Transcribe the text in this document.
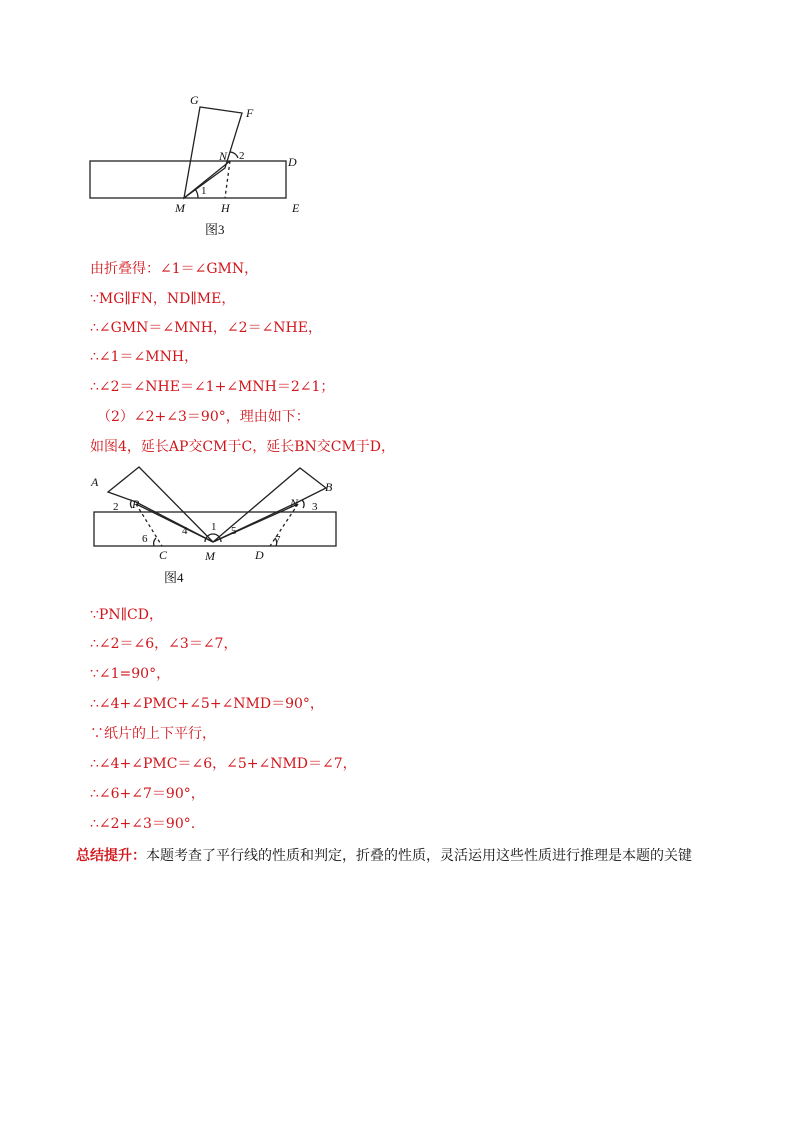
G
F
N	D
M	H	E
2
1
图3
A
P	N
B
C	M	D
2
4 1 5
3
6	7
图4
由折叠得：∠1＝∠GMN，
∵MG∥FN，ND∥ME，
∴∠GMN＝∠MNH，∠2＝∠NHE，
∴∠1＝∠MNH，
∴∠2＝∠NHE＝∠1+∠MNH＝2∠1；
（2）∠2+∠3＝90°，理由如下：
如图4，延长AP交CM于C，延长BN交CM于D，
∵PN∥CD，
∴∠2＝∠6，∠3＝∠7，
∵∠1=90°，
∴∠4+∠PMC+∠5+∠NMD＝90°，
∵纸片的上下平行，
∴∠4+∠PMC＝∠6，∠5+∠NMD＝∠7，
∴∠6+∠7＝90°，
∴∠2+∠3＝90°.
总结提升：本题考查了平行线的性质和判定，折叠的性质，灵活运用这些性质进行推理是本题的关键
